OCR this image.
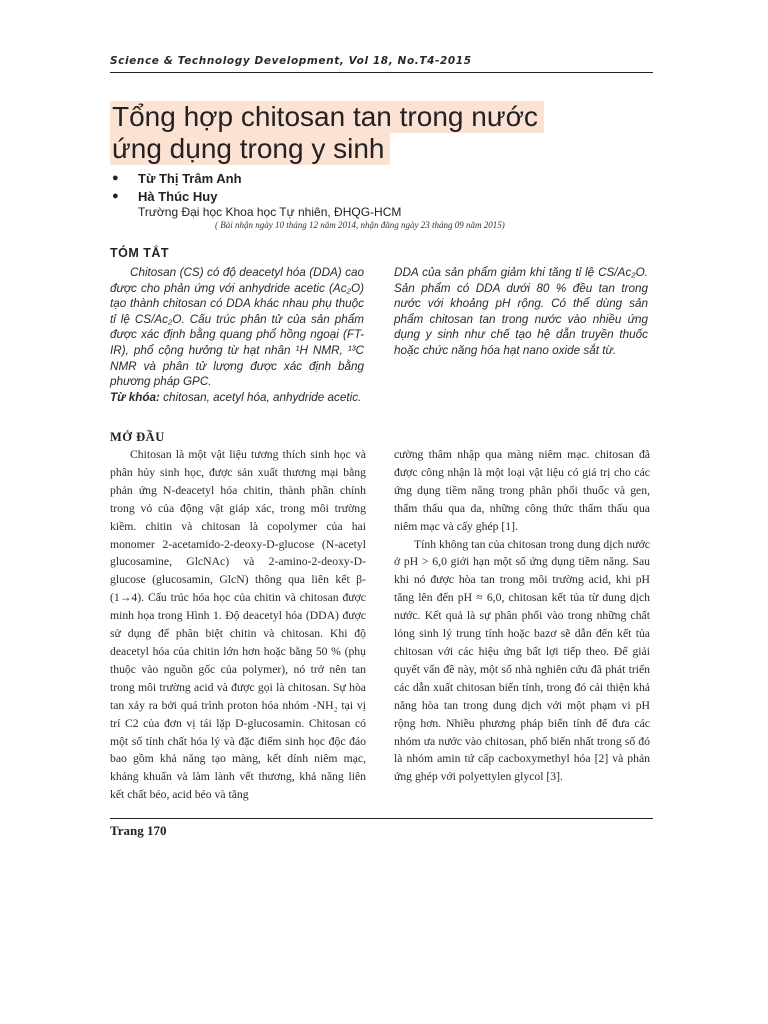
Science & Technology Development, Vol 18, No.T4-2015
Tổng hợp chitosan tan trong nước
ứng dụng trong y sinh
● Từ Thị Trâm Anh
● Hà Thúc Huy
Trường Đại học Khoa học Tự nhiên, ĐHQG-HCM
( Bài nhận ngày 10 tháng 12 năm 2014, nhận đăng ngày 23 tháng 09 năm 2015)
TÓM TẮT

Chitosan (CS) có độ deacetyl hóa (DDA) cao được cho phản ứng với anhydride acetic (Ac₂O) tạo thành chitosan có DDA khác nhau phụ thuộc tỉ lệ CS/Ac₂O. Cấu trúc phân tử của sản phẩm được xác định bằng quang phổ hồng ngoại (FT-IR), phổ cộng hưởng từ hạt nhân ¹H NMR, ¹³C NMR và phân tử lượng được xác định bằng phương pháp GPC.

Từ khóa: chitosan, acetyl hóa, anhydride acetic.

DDA của sản phẩm giảm khi tăng tỉ lệ CS/Ac₂O. Sản phẩm có DDA dưới 80 % đều tan trong nước với khoảng pH rộng. Có thể dùng sản phẩm chitosan tan trong nước vào nhiều ứng dụng y sinh như chế tạo hệ dẫn truyền thuốc hoặc chức năng hóa hạt nano oxide sắt từ.

MỞ ĐẦU

Chitosan là một vật liệu tương thích sinh học và phân hủy sinh học, được sản xuất thương mại bằng phản ứng N-deacetyl hóa chitin, thành phần chính trong vỏ của động vật giáp xác, trong môi trường kiềm. chitin và chitosan là copolymer của hai monomer 2-acetamido-2-deoxy-D-glucose (N-acetyl glucosamine, GlcNAc) và 2-amino-2-deoxy-D-glucose (glucosamin, GlcN) thông qua liên kết β-(1→4). Cấu trúc hóa học của chitin và chitosan được minh họa trong Hình 1. Độ deacetyl hóa (DDA) được sử dụng để phân biệt chitin và chitosan. Khi độ deacetyl hóa của chitin lớn hơn hoặc bằng 50 % (phụ thuộc vào nguồn gốc của polymer), nó trở nên tan trong môi trường acid và được gọi là chitosan. Sự hòa tan xảy ra bởi quá trình proton hóa nhóm -NH₂ tại vị trí C2 của đơn vị tái lặp D-glucosamin. Chitosan có một số tính chất hóa lý và đặc điểm sinh học độc đáo bao gồm khả năng tạo màng, kết dính niêm mạc, kháng khuẩn và làm lành vết thương, khả năng liên kết chất béo, acid béo và tăng

cường thâm nhập qua màng niêm mạc. chitosan đã được công nhận là một loại vật liệu có giá trị cho các ứng dụng tiềm năng trong phân phối thuốc và gen, thẩm thấu qua da, những công thức thẩm thấu qua niêm mạc và cấy ghép [1].

Tính không tan của chitosan trong dung dịch nước ở pH > 6,0 giới hạn một số ứng dụng tiềm năng. Sau khi nó được hòa tan trong môi trường acid, khi pH tăng lên đến pH ≈ 6,0, chitosan kết tủa từ dung dịch nước. Kết quả là sự phân phối vào trong những chất lỏng sinh lý trung tính hoặc bazơ sẽ dẫn đến kết tủa chitosan với các hiệu ứng bất lợi tiếp theo. Để giải quyết vấn đề này, một số nhà nghiên cứu đã phát triển các dẫn xuất chitosan biến tính, trong đó cải thiện khả năng hòa tan trong dung dịch với một phạm vi pH rộng hơn. Nhiều phương pháp biến tính để đưa các nhóm ưa nước vào chitosan, phổ biến nhất trong số đó là nhóm amin tứ cấp cacboxymethyl hóa [2] và phản ứng ghép với polyettylen glycol [3].

Trang 170
